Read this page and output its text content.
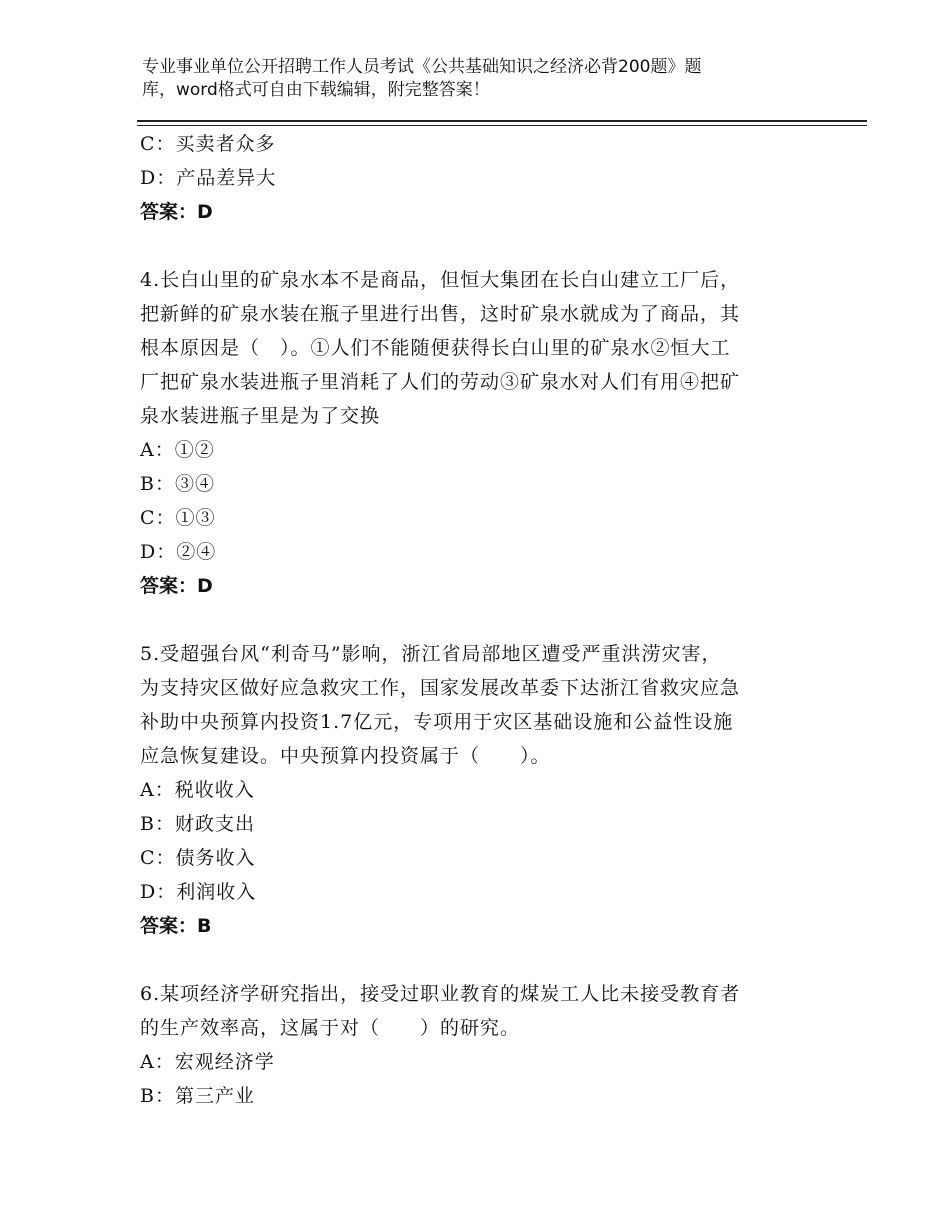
专业事业单位公开招聘工作人员考试《公共基础知识之经济必背200题》题
库，word格式可自由下载编辑，附完整答案！
C：买卖者众多
D：产品差异大
答案：D
4.长白山里的矿泉水本不是商品，但恒大集团在长白山建立工厂后，
把新鲜的矿泉水装在瓶子里进行出售，这时矿泉水就成为了商品，其
根本原因是（　）。①人们不能随便获得长白山里的矿泉水②恒大工
厂把矿泉水装进瓶子里消耗了人们的劳动③矿泉水对人们有用④把矿
泉水装进瓶子里是为了交换
A：①②
B：③④
C：①③
D：②④
答案：D
5.受超强台风“利奇马”影响，浙江省局部地区遭受严重洪涝灾害，
为支持灾区做好应急救灾工作，国家发展改革委下达浙江省救灾应急
补助中央预算内投资1.7亿元，专项用于灾区基础设施和公益性设施
应急恢复建设。中央预算内投资属于（　　）。
A：税收收入
B：财政支出
C：债务收入
D：利润收入
答案：B
6.某项经济学研究指出，接受过职业教育的煤炭工人比未接受教育者
的生产效率高，这属于对（　　）的研究。
A：宏观经济学
B：第三产业
